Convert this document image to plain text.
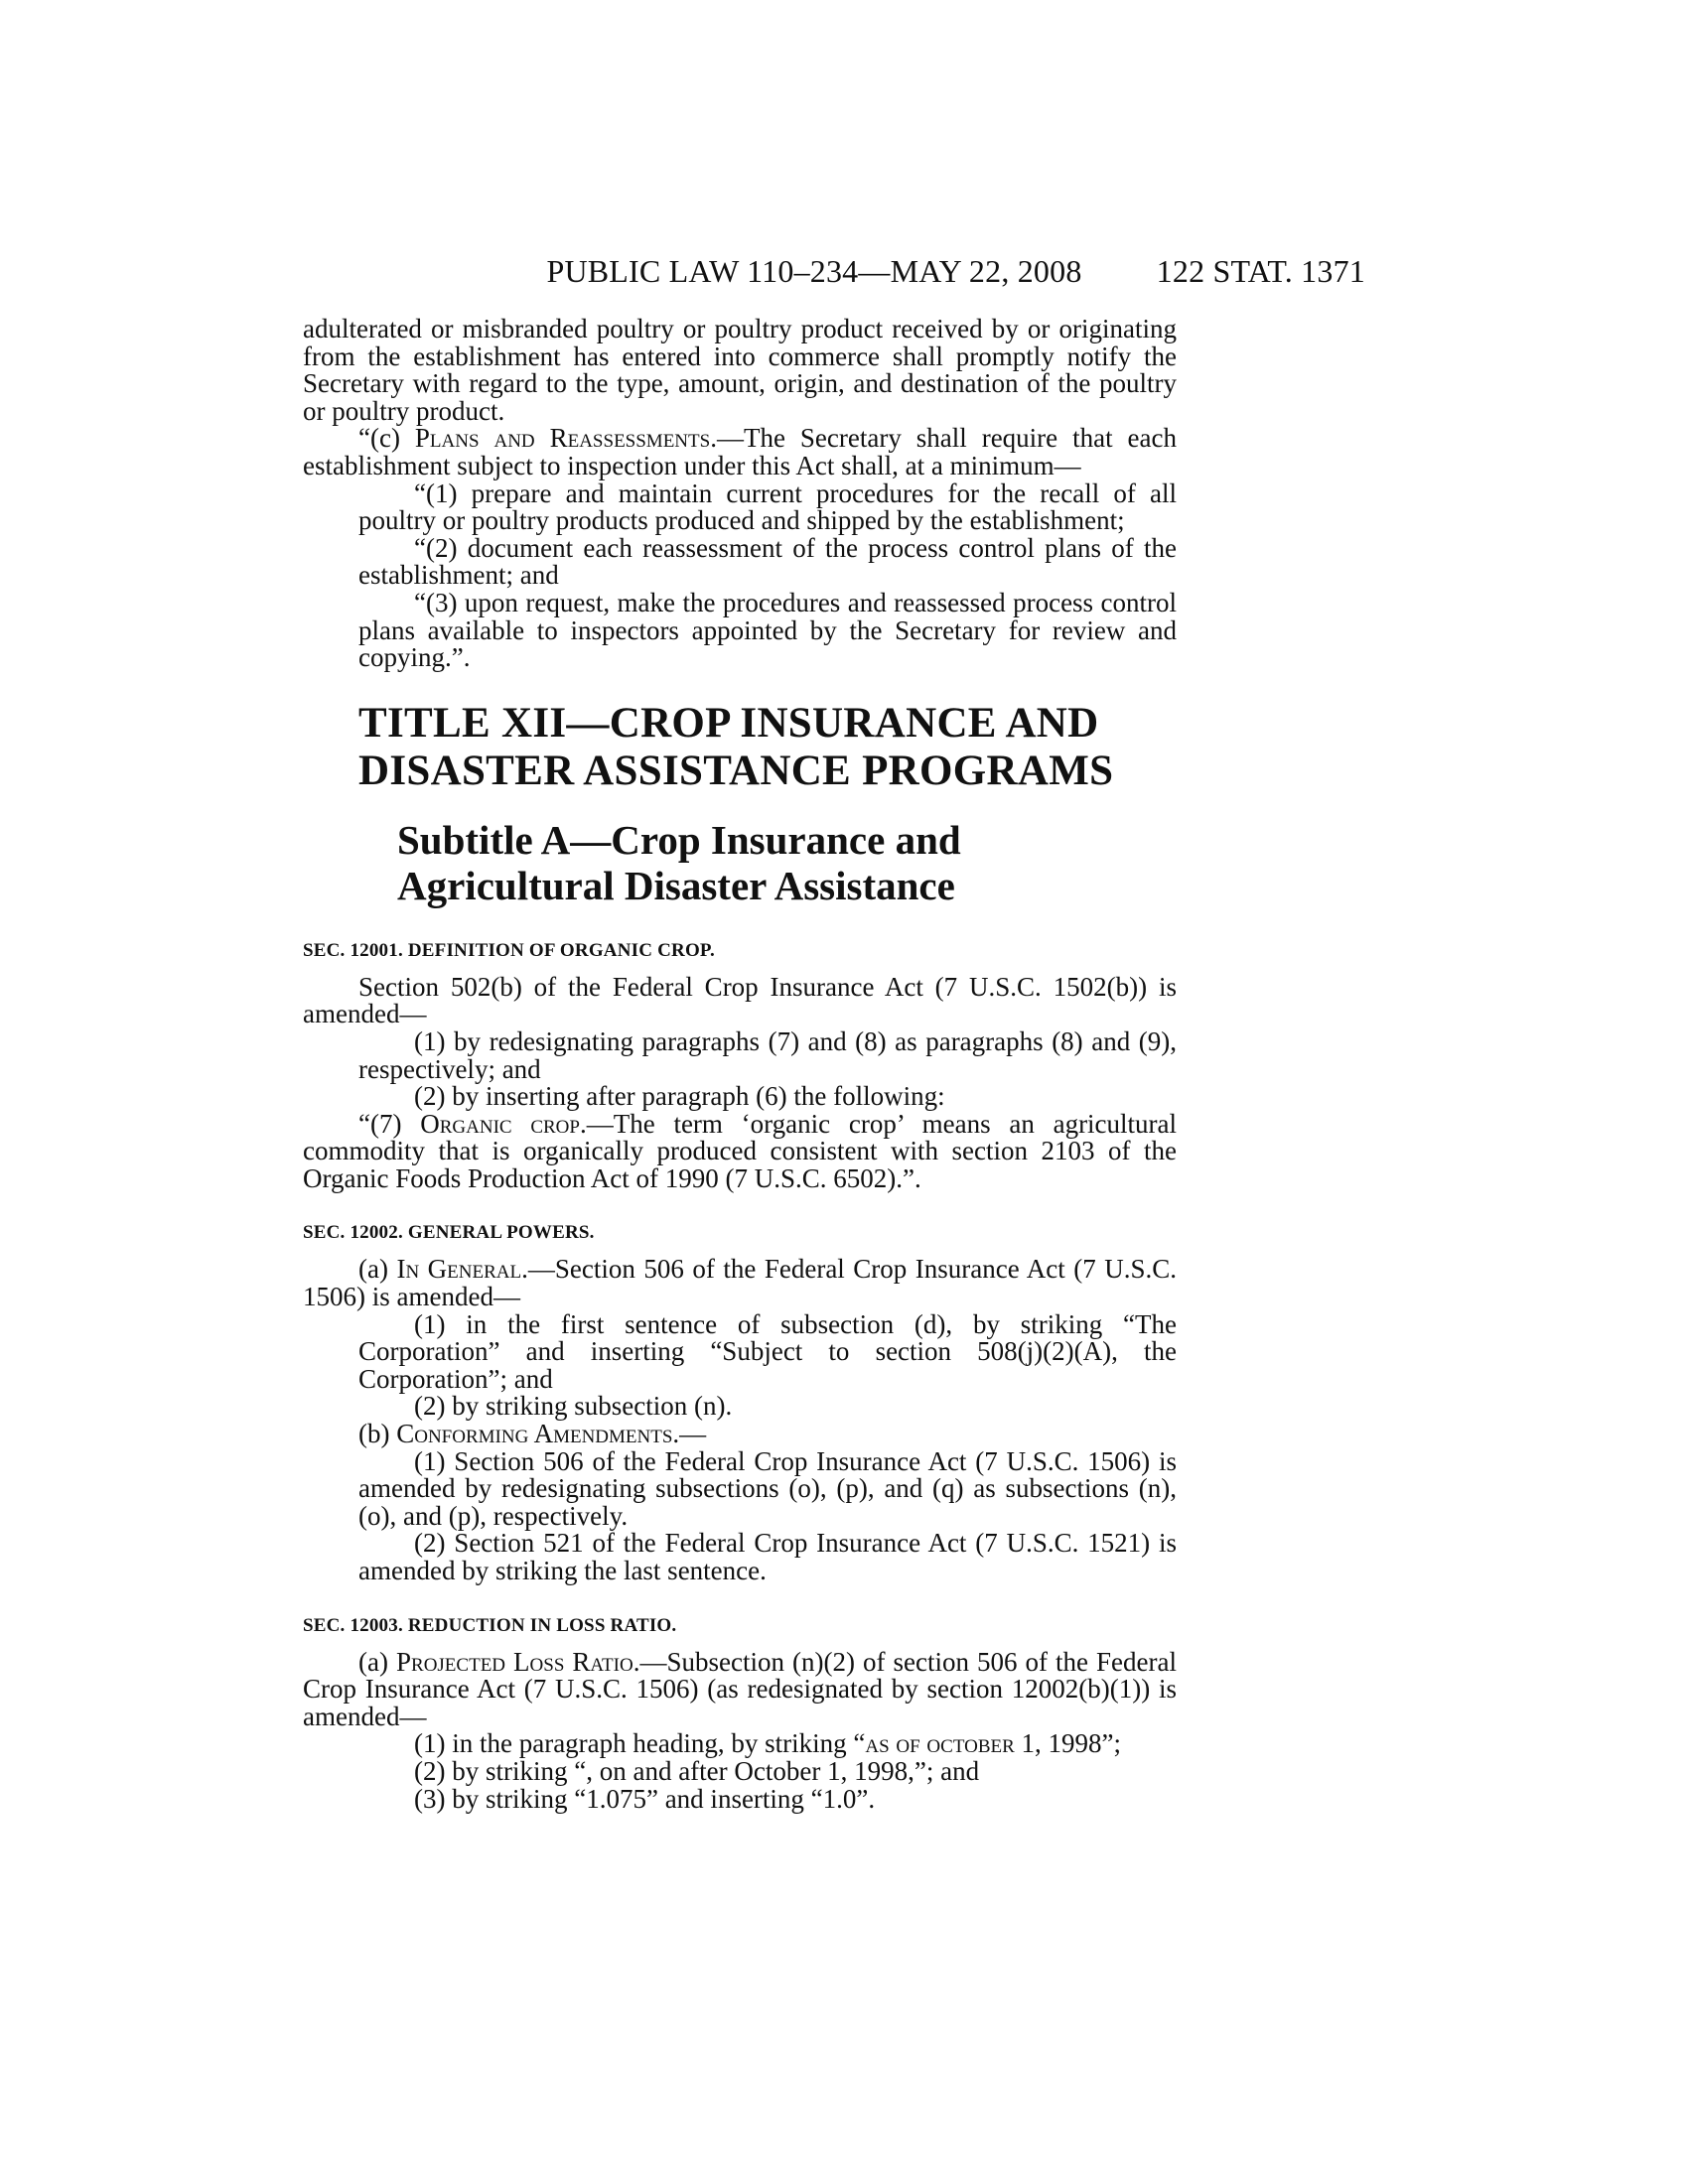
PUBLIC LAW 110–234—MAY 22, 2008	122 STAT. 1371

adulterated or misbranded poultry or poultry product received by or originating from the establishment has entered into commerce shall promptly notify the Secretary with regard to the type, amount, origin, and destination of the poultry or poultry product.

“(c) Plans and Reassessments.—The Secretary shall require that each establishment subject to inspection under this Act shall, at a minimum—

“(1) prepare and maintain current procedures for the recall of all poultry or poultry products produced and shipped by the establishment;

“(2) document each reassessment of the process control plans of the establishment; and

“(3) upon request, make the procedures and reassessed process control plans available to inspectors appointed by the Secretary for review and copying.”.

TITLE XII—CROP INSURANCE AND
DISASTER ASSISTANCE PROGRAMS
Subtitle A—Crop Insurance and
Agricultural Disaster Assistance
SEC. 12001. DEFINITION OF ORGANIC CROP.

Section 502(b) of the Federal Crop Insurance Act (7 U.S.C. 1502(b)) is amended—

(1) by redesignating paragraphs (7) and (8) as paragraphs (8) and (9), respectively; and

(2) by inserting after paragraph (6) the following:

“(7) Organic crop.—The term ‘organic crop’ means an agricultural commodity that is organically produced consistent with section 2103 of the Organic Foods Production Act of 1990 (7 U.S.C. 6502).”.

SEC. 12002. GENERAL POWERS.

(a) In General.—Section 506 of the Federal Crop Insurance Act (7 U.S.C. 1506) is amended—

(1) in the first sentence of subsection (d), by striking “The Corporation” and inserting “Subject to section 508(j)(2)(A), the Corporation”; and

(2) by striking subsection (n).

(b) Conforming Amendments.—

(1) Section 506 of the Federal Crop Insurance Act (7 U.S.C. 1506) is amended by redesignating subsections (o), (p), and (q) as subsections (n), (o), and (p), respectively.

(2) Section 521 of the Federal Crop Insurance Act (7 U.S.C. 1521) is amended by striking the last sentence.

SEC. 12003. REDUCTION IN LOSS RATIO.

(a) Projected Loss Ratio.—Subsection (n)(2) of section 506 of the Federal Crop Insurance Act (7 U.S.C. 1506) (as redesignated by section 12002(b)(1)) is amended—

(1) in the paragraph heading, by striking “as of october 1, 1998”;

(2) by striking “, on and after October 1, 1998,”; and

(3) by striking “1.075” and inserting “1.0”.
